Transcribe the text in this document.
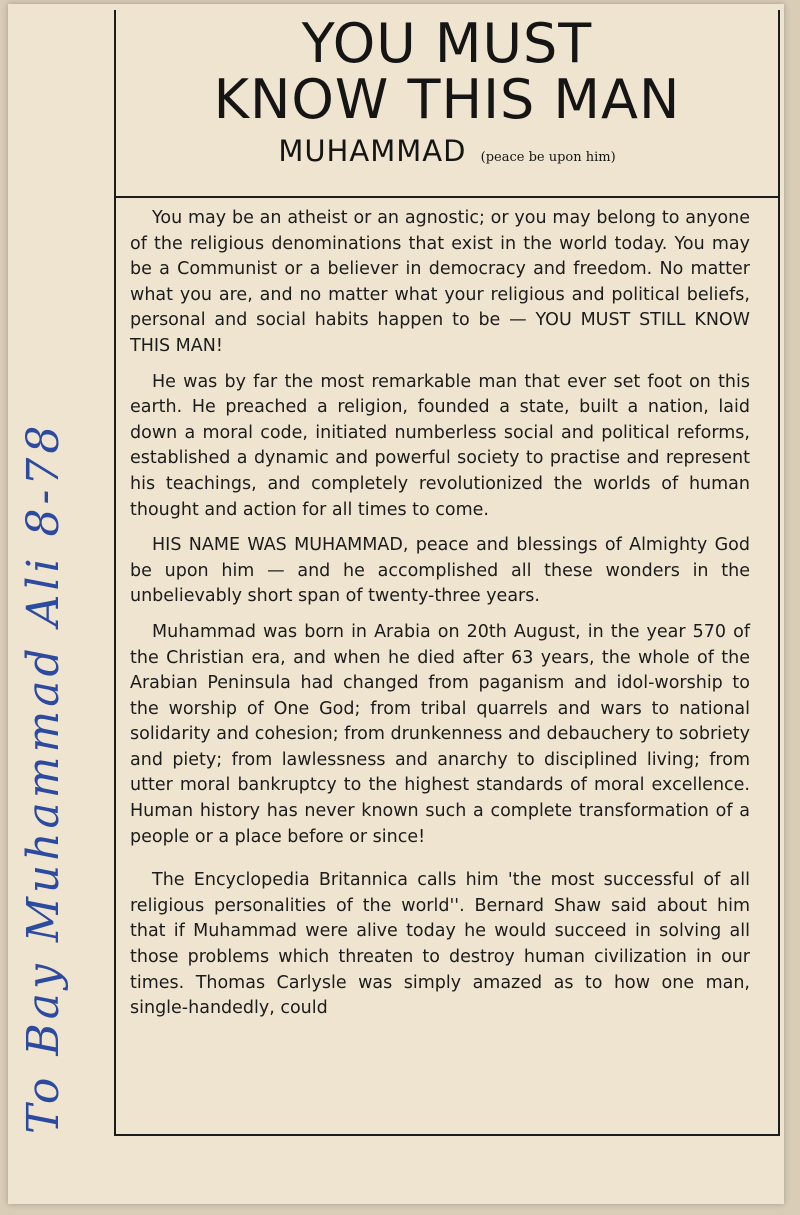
YOU MUST
KNOW THIS MAN
MUHAMMAD (peace be upon him)

You may be an atheist or an agnostic; or you may belong to anyone of the religious denominations that exist in the world today. You may be a Communist or a believer in democracy and freedom. No matter what you are, and no matter what your religious and political beliefs, personal and social habits happen to be — YOU MUST STILL KNOW THIS MAN!

He was by far the most remarkable man that ever set foot on this earth. He preached a religion, founded a state, built a nation, laid down a moral code, initiated numberless social and political reforms, established a dynamic and powerful society to practise and represent his teachings, and completely revolutionized the worlds of human thought and action for all times to come.

HIS NAME WAS MUHAMMAD, peace and blessings of Almighty God be upon him — and he accomplished all these wonders in the unbelievably short span of twenty-three years.

Muhammad was born in Arabia on 20th August, in the year 570 of the Christian era, and when he died after 63 years, the whole of the Arabian Peninsula had changed from paganism and idol-worship to the worship of One God; from tribal quarrels and wars to national solidarity and cohesion; from drunkenness and debauchery to sobriety and piety; from lawlessness and anarchy to disciplined living; from utter moral bankruptcy to the highest standards of moral excellence. Human history has never known such a complete transformation of a people or a place before or since!

The Encyclopedia Britannica calls him 'the most successful of all religious personalities of the world''. Bernard Shaw said about him that if Muhammad were alive today he would succeed in solving all those problems which threaten to destroy human civilization in our times. Thomas Carlysle was simply amazed as to how one man, single-handedly, could

To Bay Muhammad Ali 8-78
